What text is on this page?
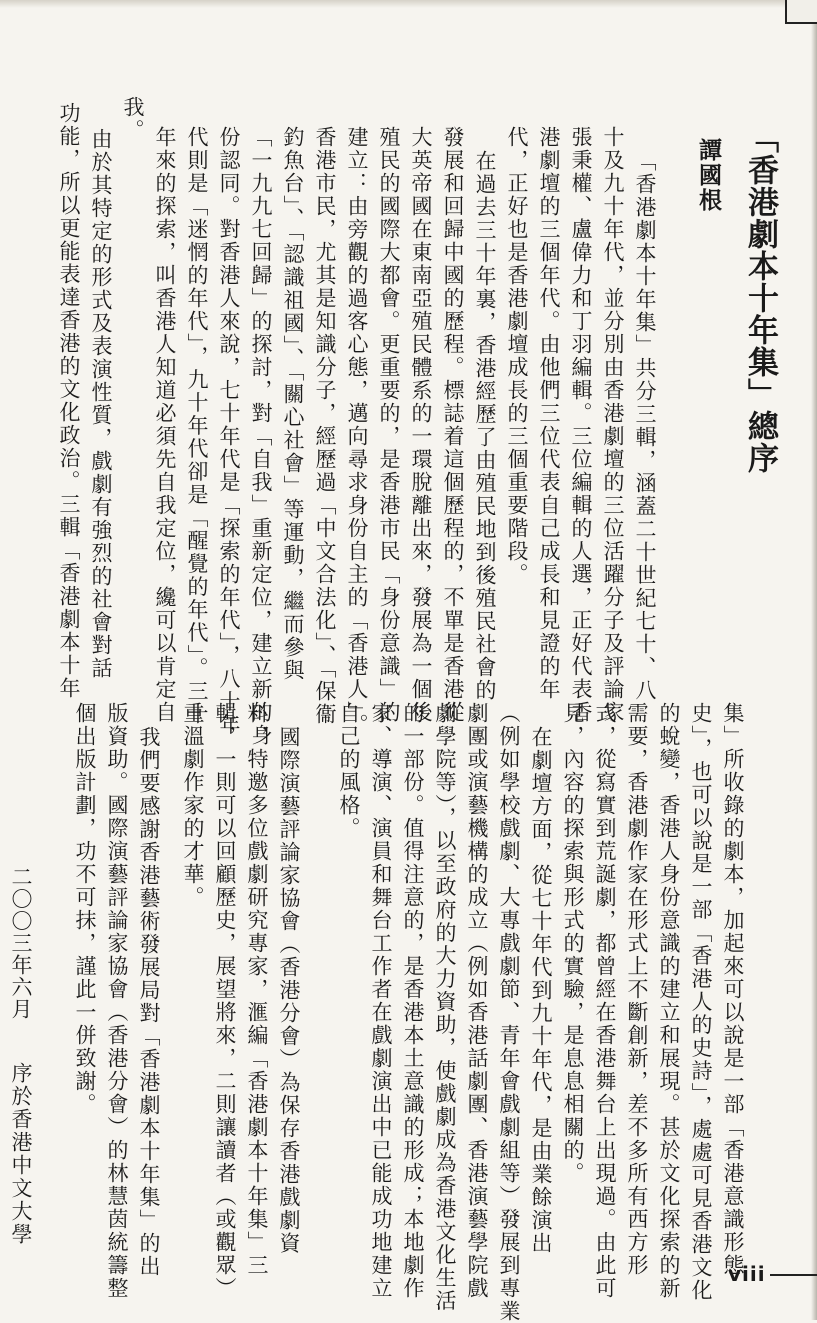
「香港劇本十年集」總序
譚國根
「香港劇本十年集」共分三輯，涵蓋二十世紀七十、八
十及九十年代，並分別由香港劇壇的三位活躍分子及評論家
張秉權、盧偉力和丁羽編輯。三位編輯的人選，正好代表香
港劇壇的三個年代。由他們三位代表自己成長和見證的年
代，正好也是香港劇壇成長的三個重要階段。
在過去三十年裏，香港經歷了由殖民地到後殖民社會的
發展和回歸中國的歷程。標誌着這個歷程的，不單是香港從
大英帝國在東南亞殖民體系的一環脫離出來，發展為一個後
殖民的國際大都會。更重要的，是香港市民「身份意識」的
建立：由旁觀的過客心態，邁向尋求身份自主的「香港人」。
香港市民，尤其是知識分子，經歷過「中文合法化」、「保衞
釣魚台」、「認識祖國」、「關心社會」等運動，繼而參與
「一九九七回歸」的探討，對「自我」重新定位，建立新的身
份認同。對香港人來說，七十年代是「探索的年代」，八十年
代則是「迷惘的年代」，九十年代卻是「醒覺的年代」。三十
年來的探索，叫香港人知道必須先自我定位，纔可以肯定自
我。
由於其特定的形式及表演性質，戲劇有強烈的社會對話
功能，所以更能表達香港的文化政治。三輯「香港劇本十年
集」所收錄的劇本，加起來可以說是一部「香港意識形態
史」，也可以說是一部「香港人的史詩」，處處可見香港文化
的蛻變，香港人身份意識的建立和展現。甚於文化探索的新
需要，香港劇作家在形式上不斷創新，差不多所有西方形
式，從寫實到荒誕劇，都曾經在香港舞台上出現過。由此可
見，內容的探索與形式的實驗，是息息相關的。
在劇壇方面，從七十年代到九十年代，是由業餘演出
（例如學校戲劇、大專戲劇節、青年會戲劇組等）發展到專業
劇團或演藝機構的成立（例如香港話劇團、香港演藝學院戲
劇學院等），以至政府的大力資助，使戲劇成為香港文化生活
的一部份。值得注意的，是香港本土意識的形成；本地劇作
家、導演、演員和舞台工作者在戲劇演出中已能成功地建立
自己的風格。
國際演藝評論家協會（香港分會）為保存香港戲劇資
料，特邀多位戲劇研究專家，滙編「香港劇本十年集」三
輯，一則可以回顧歷史，展望將來，二則讓讀者（或觀眾）
重溫劇作家的才華。
我們要感謝香港藝術發展局對「香港劇本十年集」的出
版資助。國際演藝評論家協會（香港分會）的林慧茵統籌整
個出版計劃，功不可抹，謹此一併致謝。
序於香港中文大學
二〇〇三年六月
viii
